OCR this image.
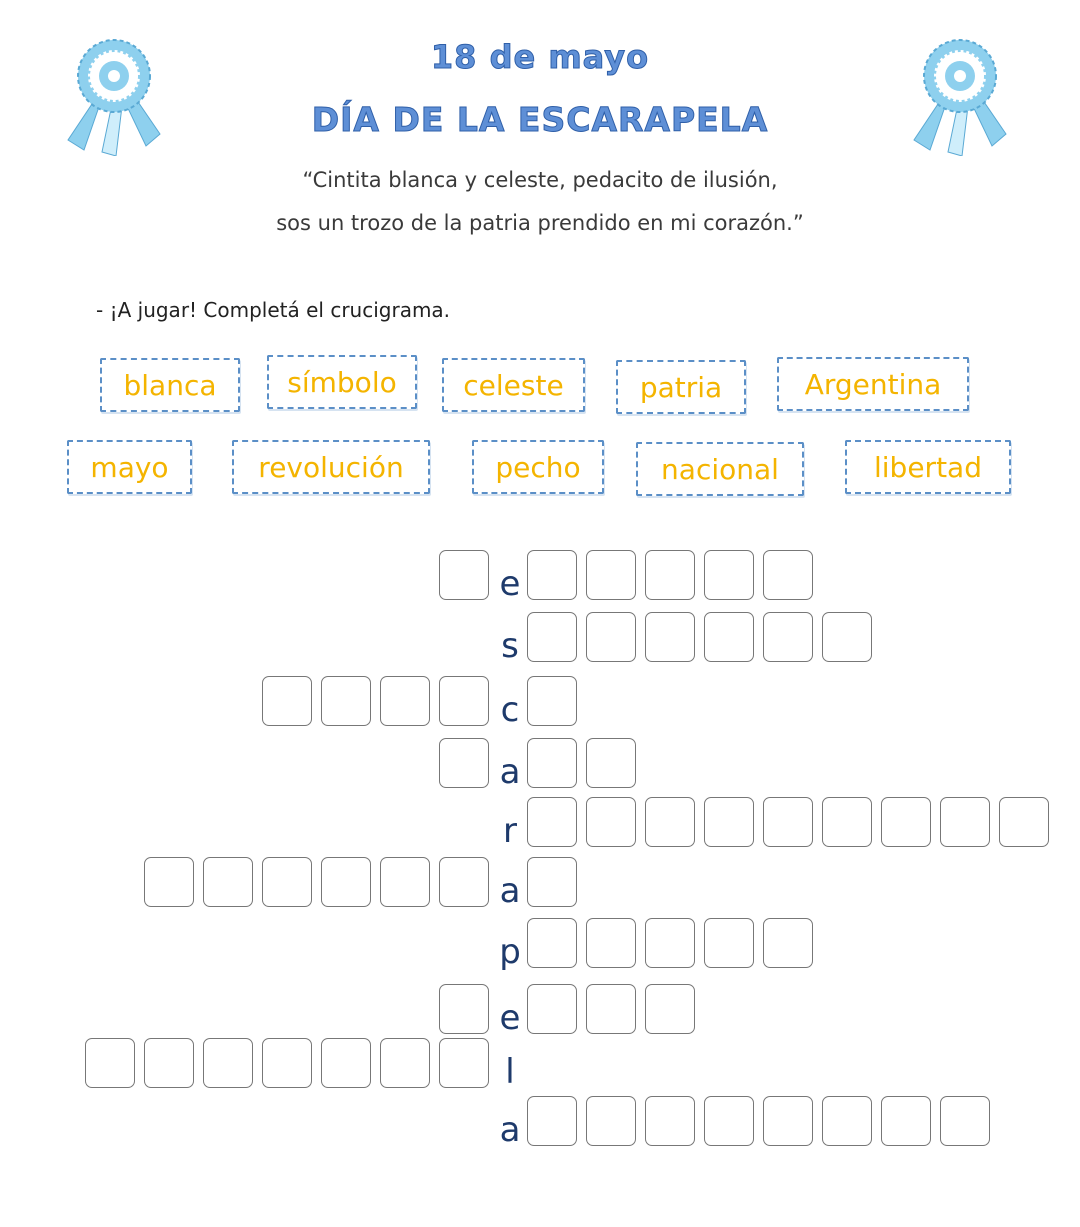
18 de mayo
DÍA DE LA ESCARAPELA
“Cintita blanca y celeste, pedacito de ilusión,
sos un trozo de la patria prendido en mi corazón.”
- ¡A jugar! Completá el crucigrama.
blanca	símbolo	celeste	patria	Argentina
mayo	revolución	pecho	nacional	libertad
e
s
c
a
r
a
p
e
l
a
